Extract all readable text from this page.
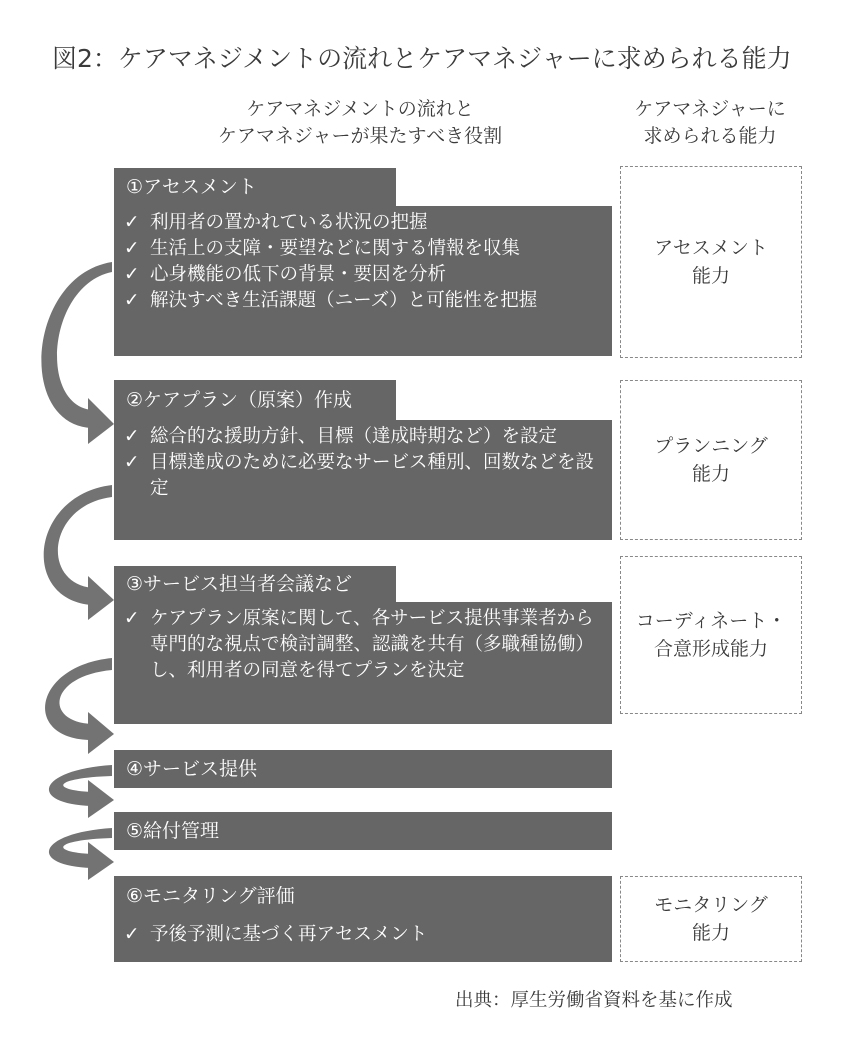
図2：ケアマネジメントの流れとケアマネジャーに求められる能力
ケアマネジメントの流れと
ケアマネジャーが果たすべき役割
ケアマネジャーに
求められる能力
①アセスメント
✓ 利用者の置かれている状況の把握
✓ 生活上の支障・要望などに関する情報を収集
✓ 心身機能の低下の背景・要因を分析
✓ 解決すべき生活課題（ニーズ）と可能性を把握
②ケアプラン（原案）作成
✓ 総合的な援助方針、目標（達成時期など）を設定
✓ 目標達成のために必要なサービス種別、回数などを設定
③サービス担当者会議など
✓ ケアプラン原案に関して、各サービス提供事業者から専門的な視点で検討調整、認識を共有（多職種協働）し、利用者の同意を得てプランを決定
④サービス提供
⑤給付管理
⑥モニタリング評価
✓ 予後予測に基づく再アセスメント
アセスメント
能力
プランニング
能力
コーディネート・
合意形成能力
モニタリング
能力
出典：厚生労働省資料を基に作成
